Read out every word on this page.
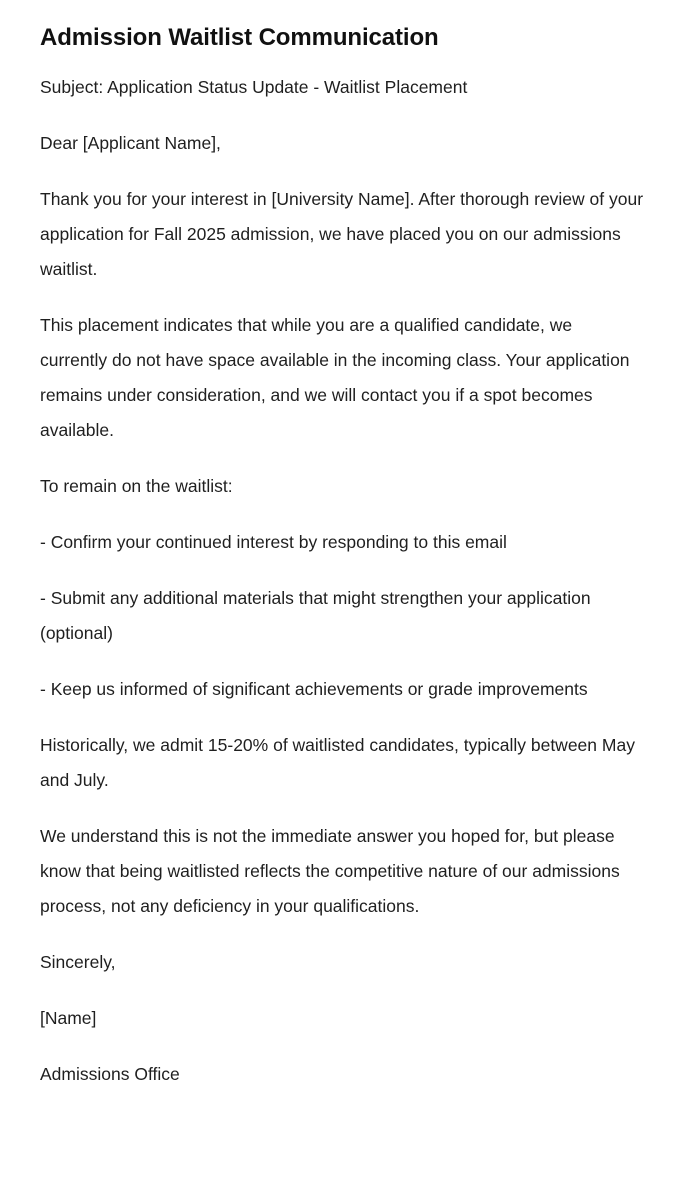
Admission Waitlist Communication

Subject: Application Status Update - Waitlist Placement

Dear [Applicant Name],

Thank you for your interest in [University Name]. After thorough review of your application for Fall 2025 admission, we have placed you on our admissions waitlist.

This placement indicates that while you are a qualified candidate, we currently do not have space available in the incoming class. Your application remains under consideration, and we will contact you if a spot becomes available.

To remain on the waitlist:

- Confirm your continued interest by responding to this email

- Submit any additional materials that might strengthen your application (optional)

- Keep us informed of significant achievements or grade improvements

Historically, we admit 15-20% of waitlisted candidates, typically between May and July.

We understand this is not the immediate answer you hoped for, but please know that being waitlisted reflects the competitive nature of our admissions process, not any deficiency in your qualifications.

Sincerely,

[Name]

Admissions Office
